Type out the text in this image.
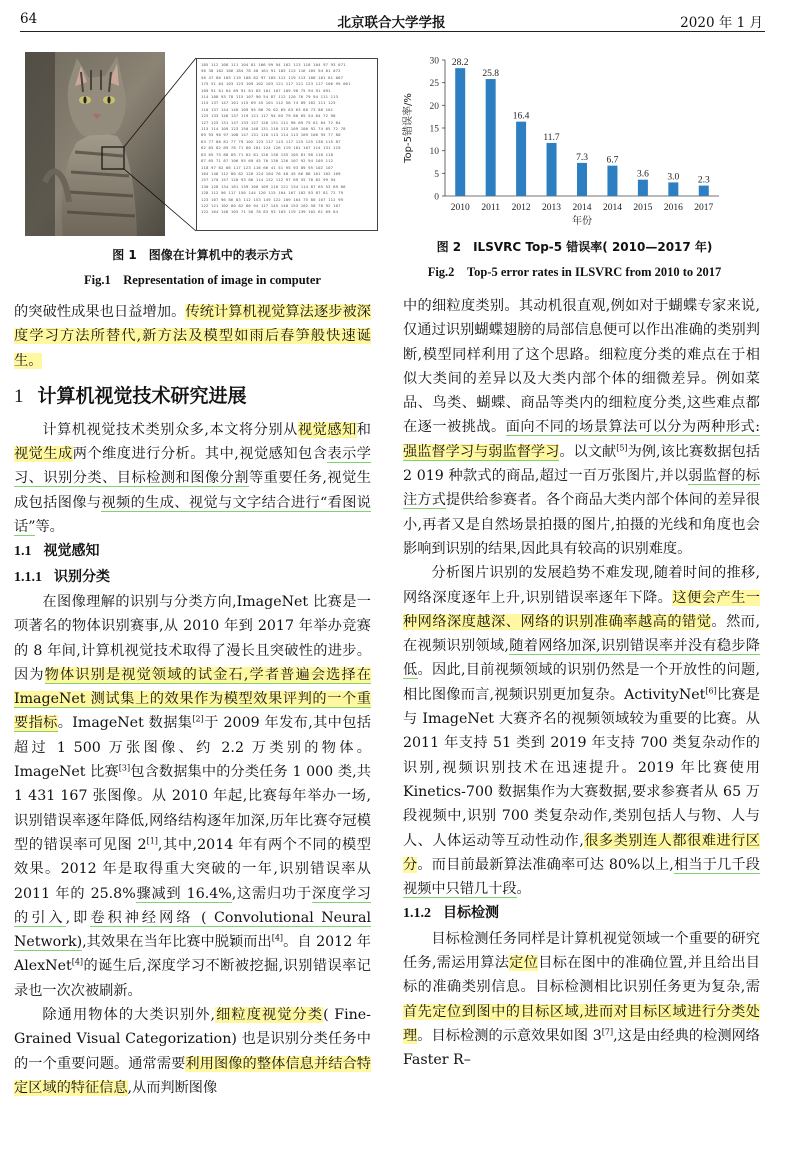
64	北京联合大学学报	2020 年 1 月
185 112 108 111 104 81 166 99 94 102 113 118 104 97 93 071
56 38 182 186 184 78 40 161 91 105 113 116 105 94 81 072
56 47 80 105 119 108 82 97 105 112 119 113 106 101 81 067
175 51 64 103 123 109 102 103 121 117 121 123 117 106 99 061
109 91 61 64 69 91 81 85 101 107 109 98 75 94 91 091
114 108 93 78 115 107 90 54 87 112 120 76 79 94 111 113
115 137 147 101 115 69 45 101 112 58 74 89 102 111 123
110 137 144 140 109 95 86 70 62 65 63 63 60 73 86 101
125 133 148 137 119 121 117 94 65 79 80 65 54 64 72 98
127 125 131 147 133 127 126 131 111 96 89 75 61 64 72 84
115 114 109 123 150 148 131 118 113 109 100 92 74 65 72 78
89 93 90 97 108 147 131 118 113 114 113 109 106 95 77 80
63 77 86 81 77 79 102 123 117 115 117 125 125 130 115 87
62 65 82 89 78 71 80 101 124 126 119 101 107 114 131 119
63 65 75 88 89 71 62 81 120 138 135 105 81 98 110 118
87 65 71 87 106 95 69 45 76 130 126 107 92 94 105 112
118 97 82 86 117 123 116 66 41 51 95 93 89 95 102 107
164 146 112 80 82 120 124 104 76 48 45 66 88 101 102 109
157 170 157 120 93 86 114 132 112 97 69 55 70 82 99 94
130 128 134 161 139 100 109 118 121 134 114 87 65 53 69 86
128 112 96 117 150 144 120 115 104 107 102 93 87 81 72 79
123 107 96 86 83 112 153 149 122 109 104 75 80 107 112 99
122 121 102 80 82 86 94 117 145 148 153 102 58 78 92 107
122 164 148 103 71 56 78 83 93 103 119 139 102 61 69 84
图 1　图像在计算机中的表示方式
Fig.1　Representation of image in computer
0
5
10
15
20
25
30 28.2
2010
25.8
2011
16.4
2012
11.7
2013
7.3
2014
6.7
2014
3.6
2015
3.0
2016
2.3
2017
年份
Top-5错误率/%
图 2　ILSVRC Top-5 错误率( 2010—2017 年)
Fig.2　Top-5 error rates in ILSVRC from 2010 to 2017

的突破性成果也日益增加。传统计算机视觉算法逐步被深度学习方法所替代,新方法及模型如雨后春笋般快速诞生。

1 计算机视觉技术研究进展

计算机视觉技术类别众多,本文将分别从视觉感知和视觉生成两个维度进行分析。其中,视觉感知包含表示学习、识别分类、目标检测和图像分割等重要任务,视觉生成包括图像与视频的生成、视觉与文字结合进行“看图说话”等。

1.1 视觉感知
1.1.1 识别分类

在图像理解的识别与分类方向,ImageNet 比赛是一项著名的物体识别赛事,从 2010 年到 2017 年举办竞赛的 8 年间,计算机视觉技术取得了漫长且突破性的进步。因为物体识别是视觉领域的试金石,学者普遍会选择在 ImageNet 测试集上的效果作为模型效果评判的一个重要指标。ImageNet 数据集[2]于 2009 年发布,其中包括超过 1 500 万张图像、约 2.2 万类别的物体。ImageNet 比赛[3]包含数据集中的分类任务 1 000 类,共 1 431 167 张图像。从 2010 年起,比赛每年举办一场,识别错误率逐年降低,网络结构逐年加深,历年比赛夺冠模型的错误率可见图 2[1],其中,2014 年有两个不同的模型效果。2012 年是取得重大突破的一年,识别错误率从 2011 年的 25.8%骤减到 16.4%,这需归功于深度学习的引入,即卷积神经网络 ( Convolutional Neural Network),其效果在当年比赛中脱颖而出[4]。自 2012 年 AlexNet[4]的诞生后,深度学习不断被挖掘,识别错误率记录也一次次被刷新。

除通用物体的大类识别外,细粒度视觉分类( Fine-Grained Visual Categorization) 也是识别分类任务中的一个重要问题。通常需要利用图像的整体信息并结合特定区域的特征信息,从而判断图像

中的细粒度类别。其动机很直观,例如对于蝴蝶专家来说,仅通过识别蝴蝶翅膀的局部信息便可以作出准确的类别判断,模型同样利用了这个思路。细粒度分类的难点在于相似大类间的差异以及大类内部个体的细微差异。例如菜品、鸟类、蝴蝶、商品等类内的细粒度分类,这些难点都在逐一被挑战。面向不同的场景算法可以分为两种形式:强监督学习与弱监督学习。以文献[5]为例,该比赛数据包括 2 019 种款式的商品,超过一百万张图片,并以弱监督的标注方式提供给参赛者。各个商品大类内部个体间的差异很小,再者又是自然场景拍摄的图片,拍摄的光线和角度也会影响到识别的结果,因此具有较高的识别难度。

分析图片识别的发展趋势不难发现,随着时间的推移,网络深度逐年上升,识别错误率逐年下降。这便会产生一种网络深度越深、网络的识别准确率越高的错觉。然而,在视频识别领域,随着网络加深,识别错误率并没有稳步降低。因此,目前视频领域的识别仍然是一个开放性的问题,相比图像而言,视频识别更加复杂。ActivityNet[6]比赛是与 ImageNet 大赛齐名的视频领域较为重要的比赛。从 2011 年支持 51 类到 2019 年支持 700 类复杂动作的识别,视频识别技术在迅速提升。2019 年比赛使用 Kinetics-700 数据集作为大赛数据,要求参赛者从 65 万段视频中,识别 700 类复杂动作,类别包括人与物、人与人、人体运动等互动性动作,很多类别连人都很难进行区分。而目前最新算法准确率可达 80%以上,相当于几千段视频中只错几十段。

1.1.2 目标检测

目标检测任务同样是计算机视觉领域一个重要的研究任务,需运用算法定位目标在图中的准确位置,并且给出目标的准确类别信息。目标检测相比识别任务更为复杂,需首先定位到图中的目标区域,进而对目标区域进行分类处理。目标检测的示意效果如图 3[7],这是由经典的检测网络 Faster R–
